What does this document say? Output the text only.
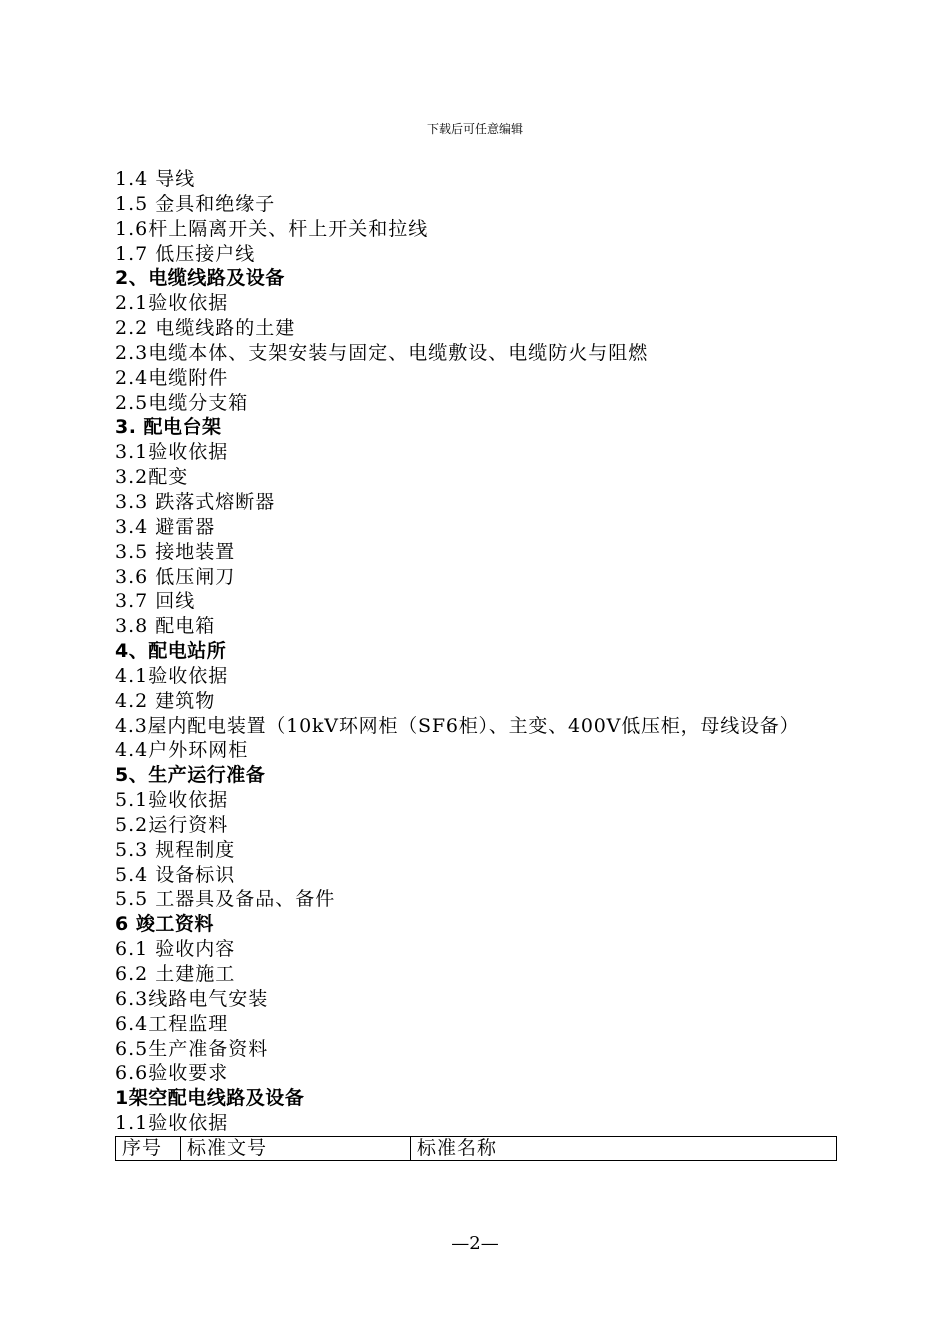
下载后可任意编辑
1.4 导线
1.5 金具和绝缘子
1.6杆上隔离开关、杆上开关和拉线
1.7 低压接户线
2、电缆线路及设备
2.1验收依据
2.2 电缆线路的土建
2.3电缆本体、支架安装与固定、电缆敷设、电缆防火与阻燃
2.4电缆附件
2.5电缆分支箱
3. 配电台架
3.1验收依据
3.2配变
3.3 跌落式熔断器
3.4 避雷器
3.5 接地装置
3.6 低压闸刀
3.7 回线
3.8 配电箱
4、配电站所
4.1验收依据
4.2 建筑物
4.3屋内配电装置（10kV环网柜（SF6柜）、主变、400V低压柜，母线设备）
4.4户外环网柜
5、生产运行准备
5.1验收依据
5.2运行资料
5.3 规程制度
5.4 设备标识
5.5 工器具及备品、备件
6 竣工资料
6.1 验收内容
6.2 土建施工
6.3线路电气安装
6.4工程监理
6.5生产准备资料
6.6验收要求
1架空配电线路及设备
1.1验收依据
序号	标准文号	标准名称
—2—
